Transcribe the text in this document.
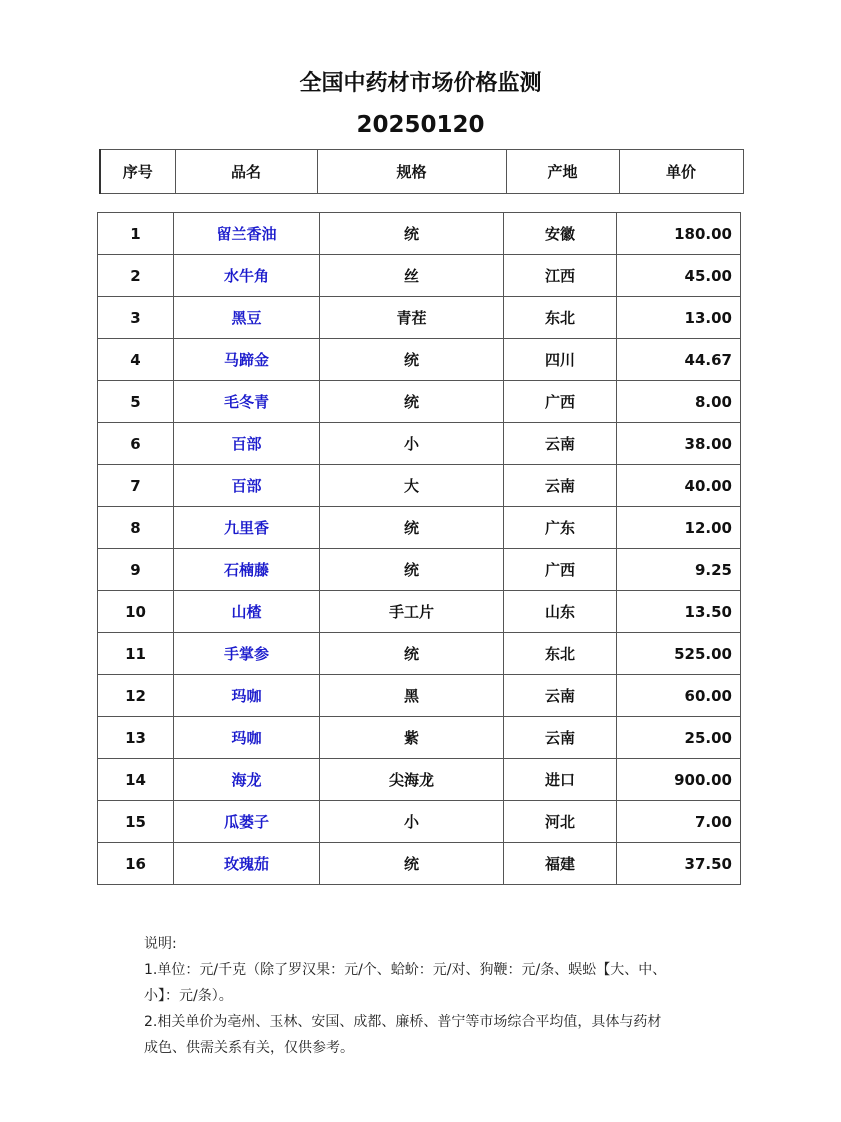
全国中药材市场价格监测
20250120
序号	品名	规格	产地	单价
1	留兰香油	统	安徽	180.00
2	水牛角	丝	江西	45.00
3	黑豆	青茬	东北	13.00
4	马蹄金	统	四川	44.67
5	毛冬青	统	广西	8.00
6	百部	小	云南	38.00
7	百部	大	云南	40.00
8	九里香	统	广东	12.00
9	石楠藤	统	广西	9.25
10	山楂	手工片	山东	13.50
11	手掌参	统	东北	525.00
12	玛咖	黑	云南	60.00
13	玛咖	紫	云南	25.00
14	海龙	尖海龙	进口	900.00
15	瓜蒌子	小	河北	7.00
16	玫瑰茄	统	福建	37.50

说明:

1.单位：元/千克（除了罗汉果：元/个、蛤蚧：元/对、狗鞭：元/条、蜈蚣【大、中、

小】：元/条）。

2.相关单价为亳州、玉林、安国、成都、廉桥、普宁等市场综合平均值，具体与药材

成色、供需关系有关，仅供参考。
